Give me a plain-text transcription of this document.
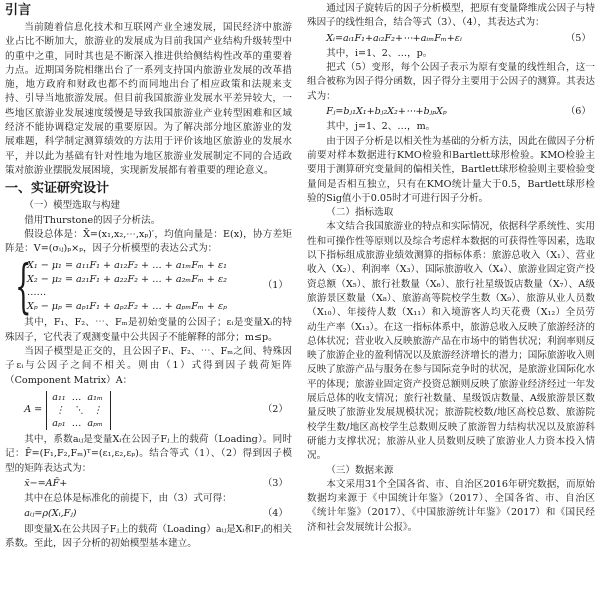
引言

当前随着信息化技术和互联网产业全速发展，国民经济中旅游业占比不断加大，旅游业的发展成为目前我国产业结构升级转型中的重中之重，同时其也是不断深入推进供给侧结构性改革的重要着力点。近期国务院相继出台了一系列支持国内旅游业发展的改革措施，地方政府和财政也都不约而同地出台了相应政策和法规来支持、引导当地旅游发展。但目前我国旅游业发展水平差异较大，一些地区旅游业发展速度缓慢是导致我国旅游业产业转型困难和区域经济不能协调稳定发展的重要原因。为了解决部分地区旅游业的发展难题，科学制定测算绩效的方法用于评价该地区旅游业的发展水平，并以此为基础有针对性地为地区旅游业发展制定不同的合适政策对旅游业摆脱发展困境，实现新发展都有着重要的理论意义。

一、实证研究设计

（一）模型选取与构建

借用Thurstone的因子分析法。

假设总体是：X̄=(x₁,x₂,⋯,xₚ)′，均值向量是：E(x)，协方差矩阵是：V=(σᵢⱼ)ₚ×ₚ，因子分析模型的表达公式为：

{
X₁ − μ₁ = a₁₁F₁ + a₁₂F₂ + … + a₁ₘFₘ + ε₁
X₂ − μ₂ = a₂₁F₁ + a₂₂F₂ + … + a₂ₘFₘ + ε₂
……
Xₚ − μₚ = aₚ₁F₁ + aₚ₂F₂ + … + aₚₘFₘ + εₚ
（1）

其中，F₁、F₂、⋯、Fₘ是初始变量的公因子；εᵢ是变量Xᵢ的特殊因子，它代表了观测变量中公共因子不能解释的部分；m≤p。

当因子模型是正交的，且公因子Fᵢ、F₂、⋯、Fₘ之间、特殊因子εᵢ与公因子之间不相关。则由（1）式得到因子载荷矩阵（Component Matrix）A：

A =
a₁₁  …  a₁ₘ
⋮   ⋱   ⋮
aₚ₁  …  aₚₘ
（2）

其中，系数aᵢⱼ是变量Xᵢ在公因子Fⱼ上的载荷（Loading）。同时记：F̄=(F₁,F₂,Fₘ)ᵀ=(ε₁,ε₂,εₚ)。结合等式（1）、（2）得到因子模型的矩阵表达式为：

x̄−=AF̄+	（3）

其中在总体是标准化的前提下，由（3）式可得：

aᵢⱼ=ρ(Xᵢ,Fⱼ)	（4）

即变量Xᵢ在公共因子Fⱼ上的载荷（Loading）aᵢⱼ是Xᵢ和Fⱼ的相关系数。至此，因子分析的初始模型基本建立。

通过因子旋转后的因子分析模型，把原有变量降维成公因子与特殊因子的线性组合，结合等式（3）、（4），其表达式为：

Xᵢ=aᵢ₁F₁+aᵢ₂F₂+⋯+aᵢₘFₘ+εᵢ	（5）

其中，i=1、2、…，p。

把式（5）变形，每个公因子表示为原有变量的线性组合，这一组合被称为因子得分函数，因子得分主要用于公因子的测算。其表达式为：

Fⱼ=bⱼ₁X₁+bⱼ₂X₂+⋯+bⱼₚXₚ	（6）

其中，j=1、2、…，m。

由于因子分析是以相关性为基础的分析方法，因此在做因子分析前要对样本数据进行KMO检验和Bartlett球形检验。KMO检验主要用于测算研究变量间的偏相关性，Bartlett球形检验则主要检验变量间是否相互独立，只有在KMO统计量大于0.5，Bartlett球形检验的Sig值小于0.05时才可进行因子分析。

（二）指标选取

本文结合我国旅游业的特点和实际情况，依据科学系统性、实用性和可操作性等原则以及综合考虑样本数据的可获得性等因素，选取以下指标组成旅游业绩效测算的指标体系：旅游总收入（X₁）、营业收入（X₂）、利润率（X₃）、国际旅游收入（X₄）、旅游业固定资产投资总额（X₅）、旅行社数量（X₆）、旅行社星级饭店数量（X₇）、A级旅游景区数量（X₈）、旅游高等院校学生数（X₉）、旅游从业人员数（X₁₀）、年接待人数（X₁₁）和入境游客人均天花费（X₁₂）全员劳动生产率（X₁₃）。在这一指标体系中，旅游总收入反映了旅游经济的总体状况；营业收入反映旅游产品在市场中的销售状况；利润率则反映了旅游企业的盈利情况以及旅游经济增长的潜力；国际旅游收入则反映了旅游产品与服务在参与国际竞争时的状况，是旅游业国际化水平的体现；旅游业固定资产投资总额则反映了旅游业经济经过一年发展后总体的收支情况；旅行社数量、星级饭店数量、A级旅游景区数量反映了旅游业发展规模状况；旅游院校数/地区高校总数、旅游院校学生数/地区高校学生总数则反映了旅游智力结构状况以及旅游科研能力支撑状况；旅游从业人员数则反映了旅游业人力资本投入情况。

（三）数据来源

本文采用31个全国各省、市、自治区2016年研究数据，而原始数据均来源于《中国统计年鉴》（2017）、全国各省、市、自治区《统计年鉴》（2017）、《中国旅游统计年鉴》（2017）和《国民经济和社会发展统计公报》。
